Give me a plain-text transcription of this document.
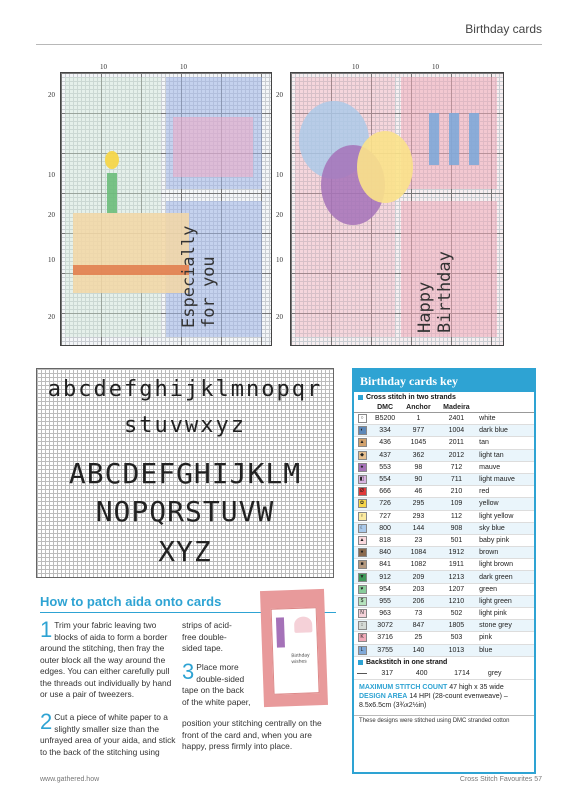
Birthday cards
10	10
20
10
20
10
20	Especially for you
10	10
20
10
20
10
20	Happy Birthday
abcdefghijklmnopqr
stuvwxyz
ABCDEFGHIJKLM
NOPQRSTUVW
XYZ
Birthday cards key
Cross stitch in two strands
	DMC	Anchor	Madeira	
○	B5200	1	2401	white
◐	334	977	1004	dark blue
▲	436	1045	2011	tan
◆	437	362	2012	light tan
♠	553	98	712	mauve
◧	554	90	711	light mauve
Ø	666	46	210	red
✿	726	295	109	yellow
♀	727	293	112	light yellow
☾	800	144	908	sky blue
▲	818	23	501	baby pink
●	840	1084	1912	brown
■	841	1082	1911	light brown
▼	912	209	1213	dark green
♥	954	203	1207	green
$	955	206	1210	light green
N	963	73	502	light pink
↕	3072	847	1805	stone grey
K	3716	25	503	pink
L	3755	140	1013	blue
Backstitch in one strand
	317	400	1714	grey
MAXIMUM STITCH COUNT 47 high x 35 wide
DESIGN AREA 14 HPI (28-count evenweave) – 8.5x6.5cm (3¾x2½in)
These designs were stitched using DMC stranded cotton
How to patch aida onto cards
1 Trim your fabric leaving two blocks of aida to form a border around the stitching, then fray the outer block all the way around the edges. You can either carefully pull the threads out individually by hand or use a pair of tweezers.
2 Cut a piece of white paper to a slightly smaller size than the unfrayed area of your aida, and stick to the back of the stitching using
strips of acid-free double-sided tape.
3 Place more double-sided tape on the back of the white paper,
position your stitching centrally on the front of the card and, when you are happy, press firmly into place.
Birthday wishes
www.gathered.how	Cross Stitch Favourites 57
